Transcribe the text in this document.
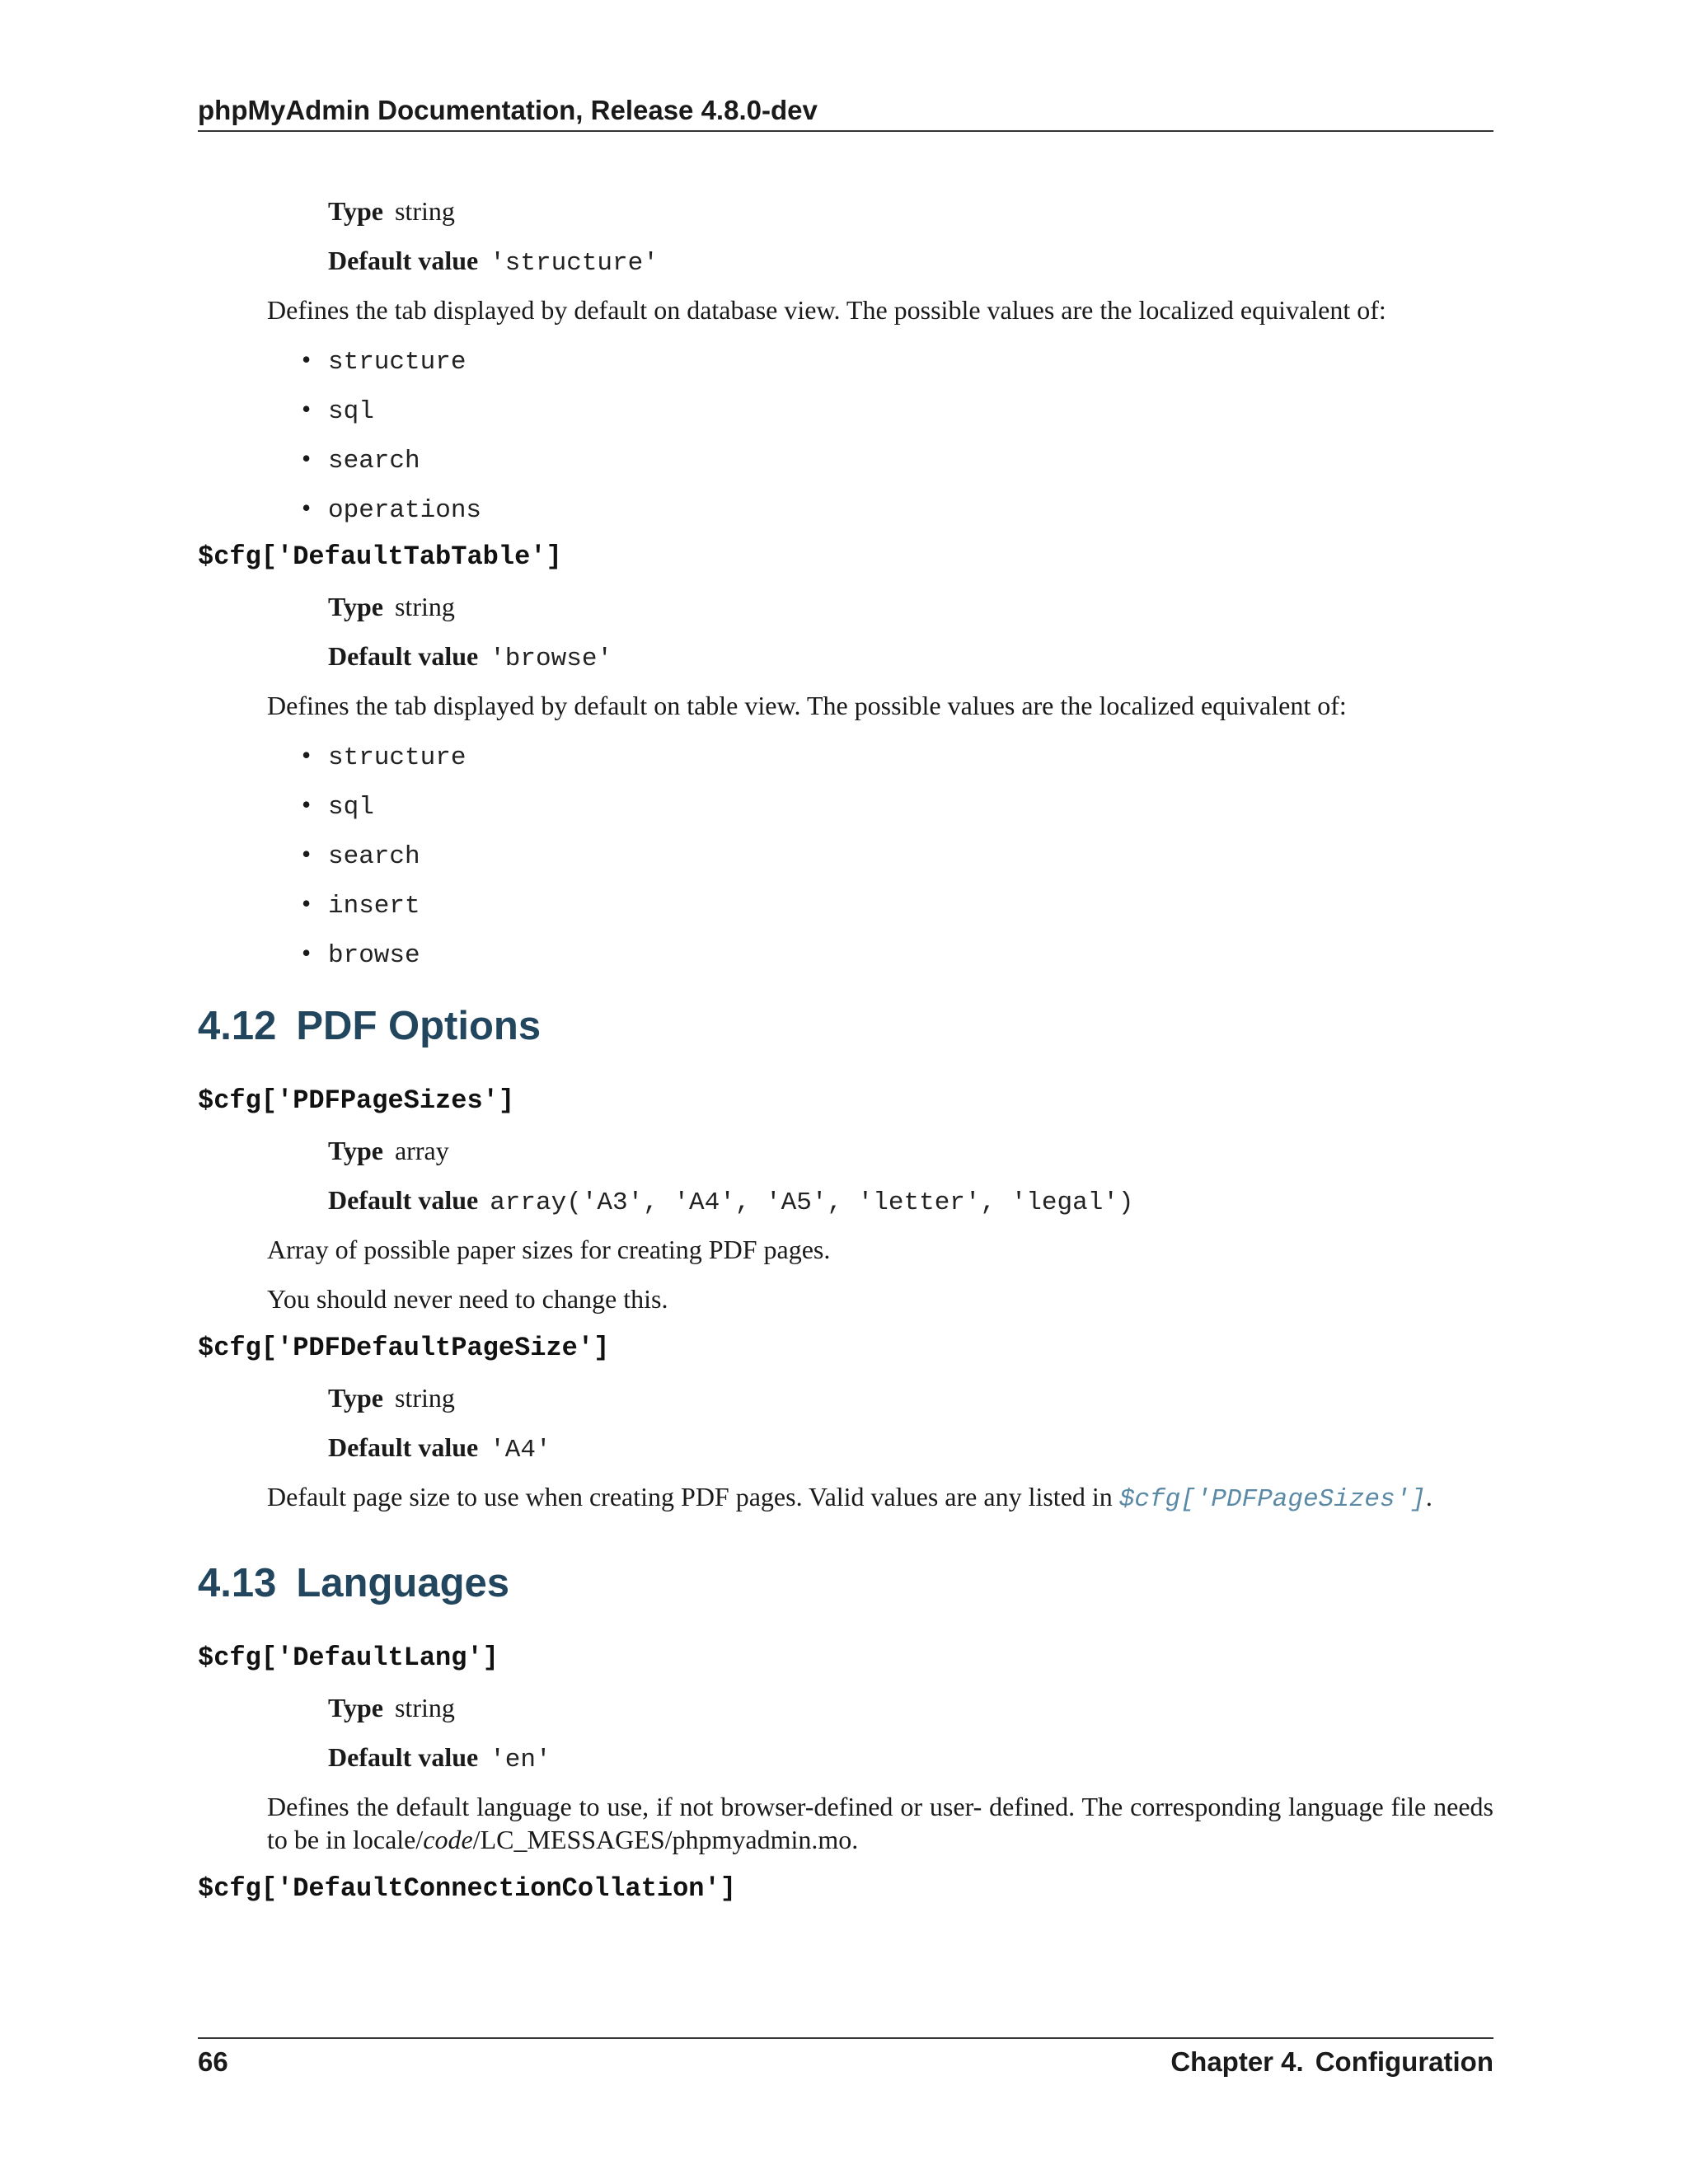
phpMyAdmin Documentation, Release 4.8.0-dev
Type string
Default value 'structure'
Defines the tab displayed by default on database view. The possible values are the localized equivalent of:
• structure
• sql
• search
• operations
$cfg['DefaultTabTable']
Type string
Default value 'browse'
Defines the tab displayed by default on table view. The possible values are the localized equivalent of:
• structure
• sql
• search
• insert
• browse
4.12 PDF Options
$cfg['PDFPageSizes']
Type array
Default value array('A3', 'A4', 'A5', 'letter', 'legal')
Array of possible paper sizes for creating PDF pages.
You should never need to change this.
$cfg['PDFDefaultPageSize']
Type string
Default value 'A4'
Default page size to use when creating PDF pages. Valid values are any listed in $cfg['PDFPageSizes'].
4.13 Languages
$cfg['DefaultLang']
Type string
Default value 'en'
Defines the default language to use, if not browser-defined or user- defined. The corresponding language file needs to be in locale/code/LC_MESSAGES/phpmyadmin.mo.
$cfg['DefaultConnectionCollation']
66	Chapter 4. Configuration
